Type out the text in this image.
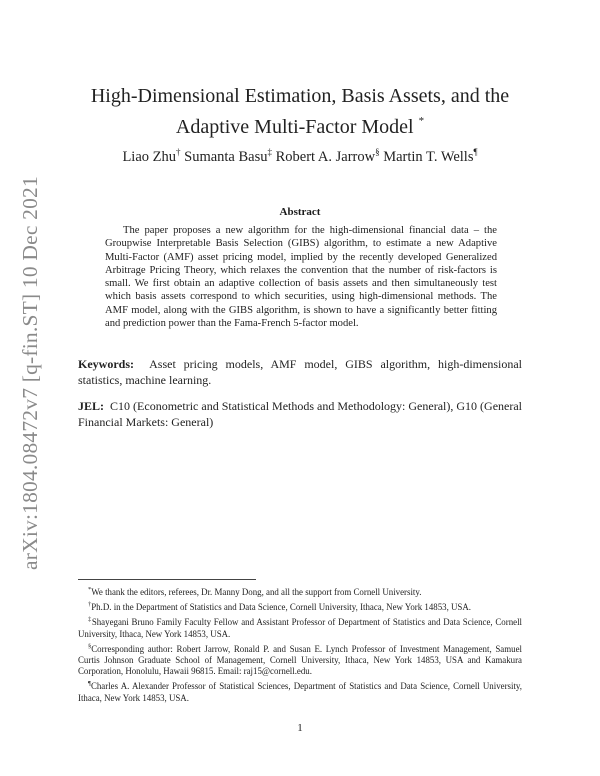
arXiv:1804.08472v7 [q-fin.ST] 10 Dec 2021
High-Dimensional Estimation, Basis Assets, and the
Adaptive Multi-Factor Model *
Liao Zhu† Sumanta Basu‡ Robert A. Jarrow§ Martin T. Wells¶
Abstract
The paper proposes a new algorithm for the high-dimensional financial data – the Groupwise Interpretable Basis Selection (GIBS) algorithm, to estimate a new Adaptive Multi-Factor (AMF) asset pricing model, implied by the recently developed Generalized Arbitrage Pricing Theory, which relaxes the convention that the number of risk-factors is small. We first obtain an adaptive collection of basis assets and then simultaneously test which basis assets correspond to which securities, using high-dimensional methods. The AMF model, along with the GIBS algorithm, is shown to have a significantly better fitting and prediction power than the Fama-French 5-factor model.
Keywords: Asset pricing models, AMF model, GIBS algorithm, high-dimensional statistics, machine learning.
JEL: C10 (Econometric and Statistical Methods and Methodology: General), G10 (General Financial Markets: General)

*We thank the editors, referees, Dr. Manny Dong, and all the support from Cornell University.

†Ph.D. in the Department of Statistics and Data Science, Cornell University, Ithaca, New York 14853, USA.

‡Shayegani Bruno Family Faculty Fellow and Assistant Professor of Department of Statistics and Data Science, Cornell University, Ithaca, New York 14853, USA.

§Corresponding author: Robert Jarrow, Ronald P. and Susan E. Lynch Professor of Investment Management, Samuel Curtis Johnson Graduate School of Management, Cornell University, Ithaca, New York 14853, USA and Kamakura Corporation, Honolulu, Hawaii 96815. Email: raj15@cornell.edu.

¶Charles A. Alexander Professor of Statistical Sciences, Department of Statistics and Data Science, Cornell University, Ithaca, New York 14853, USA.

1
